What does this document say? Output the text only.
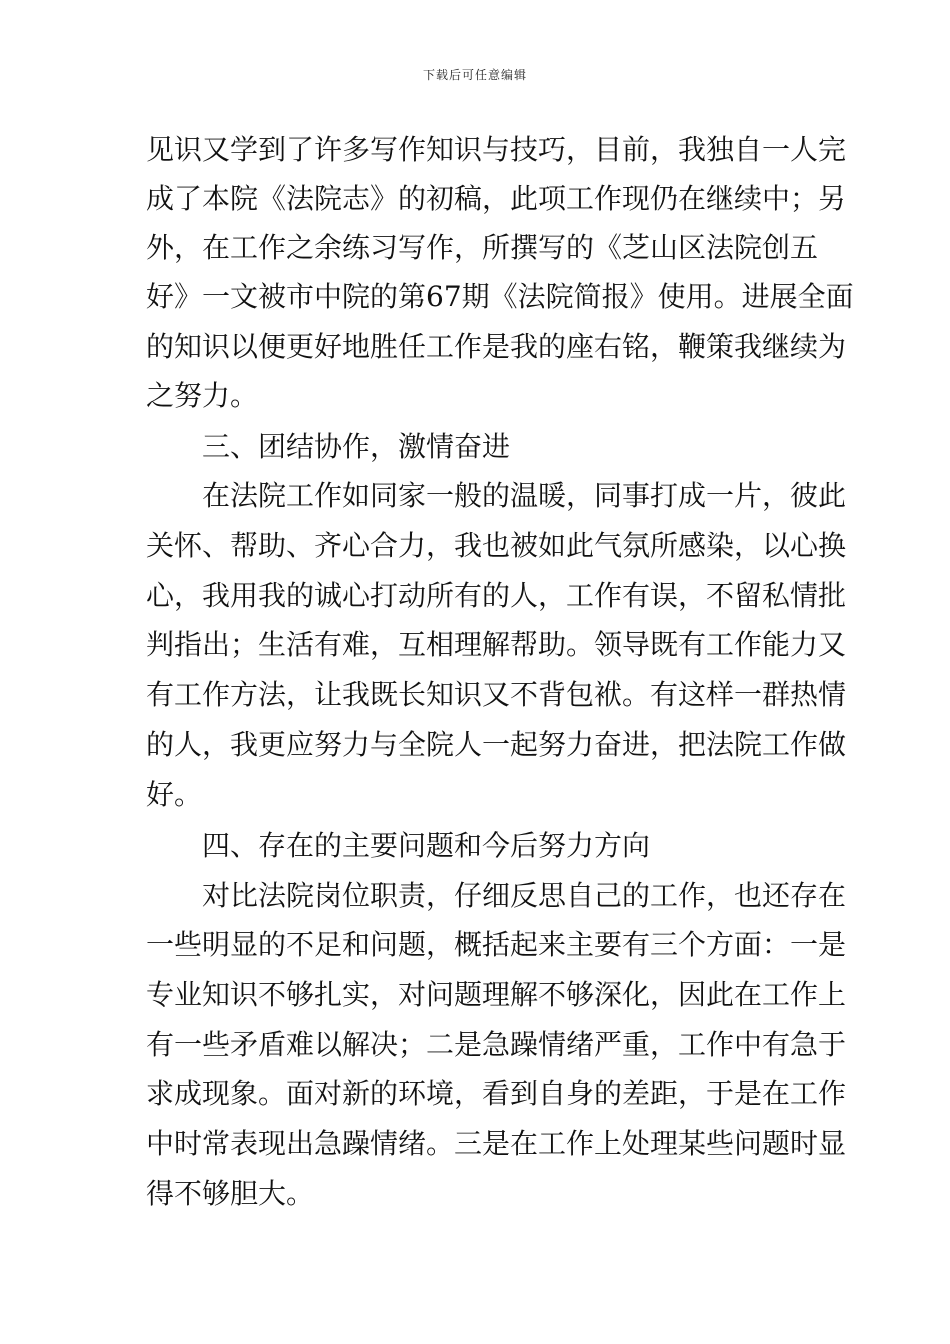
下载后可任意编辑
见识又学到了许多写作知识与技巧，目前，我独自一人完
成了本院《法院志》的初稿，此项工作现仍在继续中；另
外，在工作之余练习写作，所撰写的《芝山区法院创五
好》一文被市中院的第67期《法院简报》使用。进展全面
的知识以便更好地胜任工作是我的座右铭，鞭策我继续为
之努力。
　　三、团结协作，激情奋进
　　在法院工作如同家一般的温暖，同事打成一片，彼此
关怀、帮助、齐心合力，我也被如此气氛所感染，以心换
心，我用我的诚心打动所有的人，工作有误，不留私情批
判指出；生活有难，互相理解帮助。领导既有工作能力又
有工作方法，让我既长知识又不背包袱。有这样一群热情
的人，我更应努力与全院人一起努力奋进，把法院工作做
好。
　　四、存在的主要问题和今后努力方向
　　对比法院岗位职责，仔细反思自己的工作，也还存在
一些明显的不足和问题，概括起来主要有三个方面：一是
专业知识不够扎实，对问题理解不够深化，因此在工作上
有一些矛盾难以解决；二是急躁情绪严重，工作中有急于
求成现象。面对新的环境，看到自身的差距，于是在工作
中时常表现出急躁情绪。三是在工作上处理某些问题时显
得不够胆大。
